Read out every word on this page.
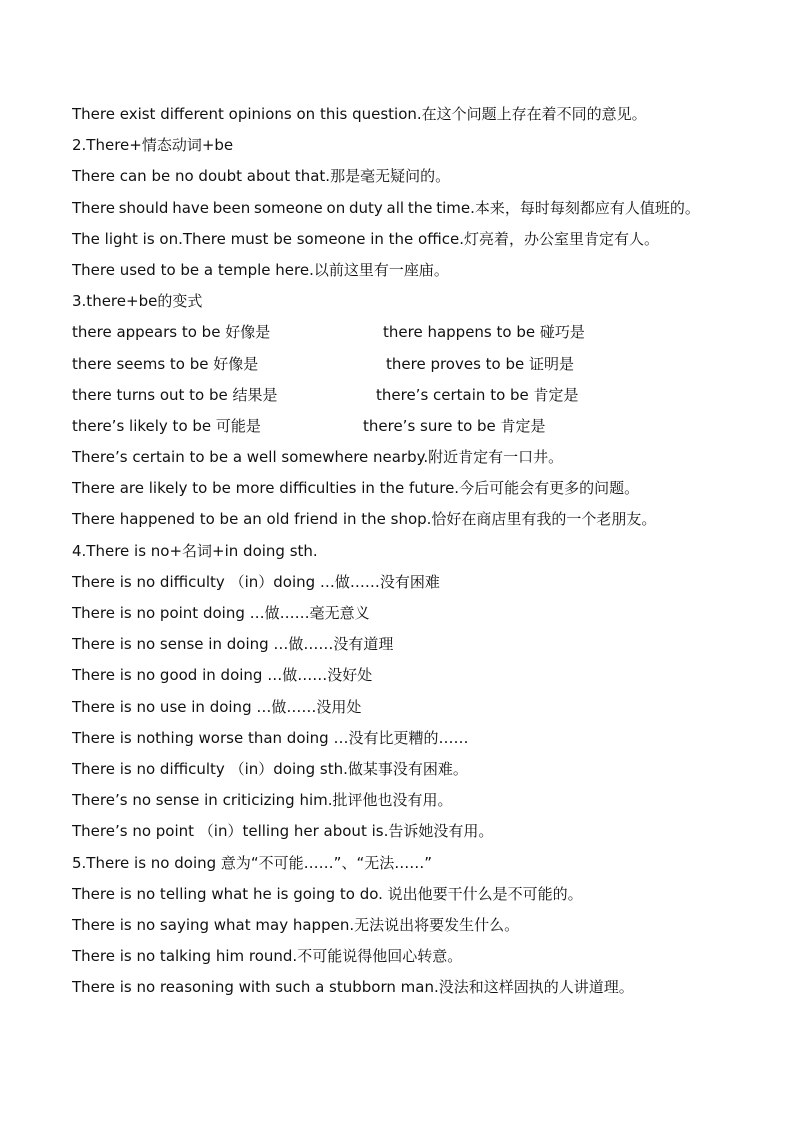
There exist different opinions on this question.在这个问题上存在着不同的意见。
2.There+情态动词+be
There can be no doubt about that.那是毫无疑问的。
There should have been someone on duty all the time.本来，每时每刻都应有人值班的。
The light is on.There must be someone in the office.灯亮着，办公室里肯定有人。
There used to be a temple here.以前这里有一座庙。
3.there+be的变式
there appears to be 好像是	there happens to be 碰巧是
there seems to be 好像是	there proves to be 证明是
there turns out to be 结果是	there’s certain to be 肯定是
there’s likely to be 可能是	there’s sure to be 肯定是
There’s certain to be a well somewhere nearby.附近肯定有一口井。
There are likely to be more difficulties in the future.今后可能会有更多的问题。
There happened to be an old friend in the shop.恰好在商店里有我的一个老朋友。
4.There is no+名词+in doing sth.
There is no difficulty （in）doing …做……没有困难
There is no point doing …做……毫无意义
There is no sense in doing …做……没有道理
There is no good in doing …做……没好处
There is no use in doing …做……没用处
There is nothing worse than doing …没有比更糟的……
There is no difficulty （in）doing sth.做某事没有困难。
There’s no sense in criticizing him.批评他也没有用。
There’s no point （in）telling her about is.告诉她没有用。
5.There is no doing 意为“不可能……”、“无法……”
There is no telling what he is going to do. 说出他要干什么是不可能的。
There is no saying what may happen.无法说出将要发生什么。
There is no talking him round.不可能说得他回心转意。
There is no reasoning with such a stubborn man.没法和这样固执的人讲道理。
